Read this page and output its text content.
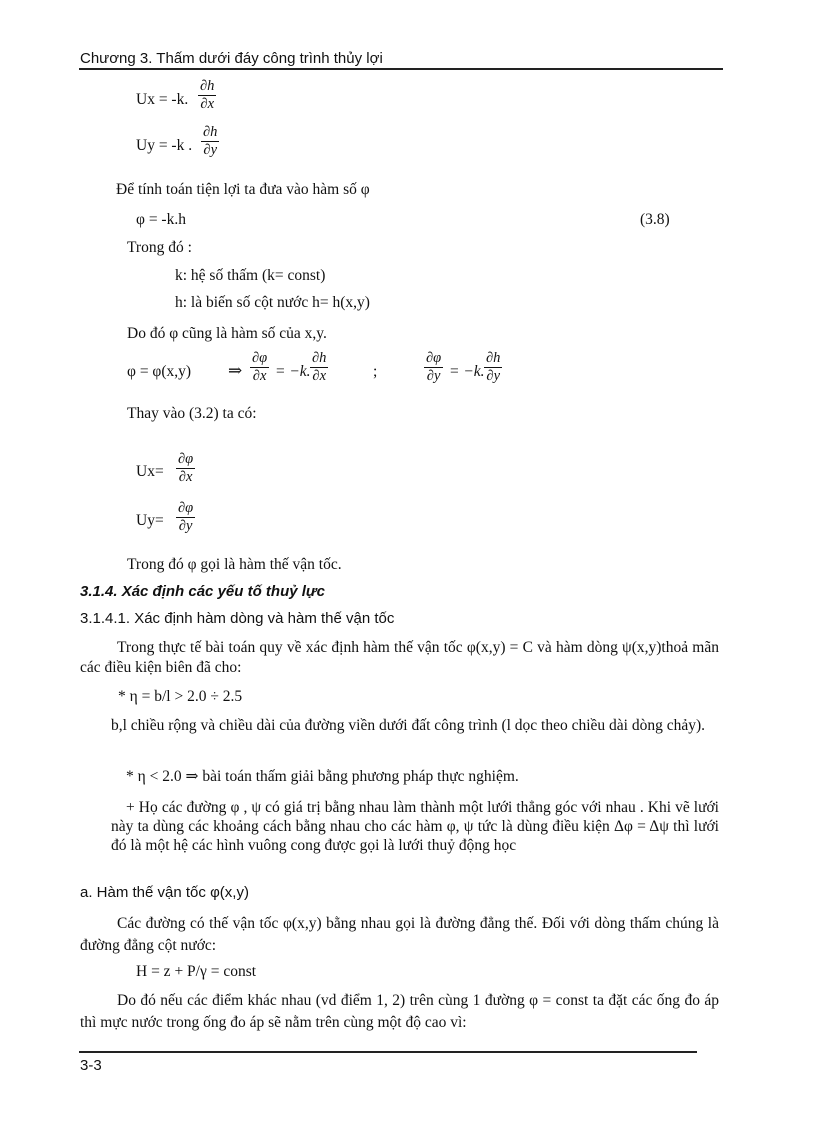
Chương 3. Thấm dưới đáy công trình thủy lợi
Ux = -k. $\frac{\partial h}{\partial x}$
Uy = -k . $\frac{\partial h}{\partial y}$
Để tính toán tiện lợi ta đưa vào hàm số φ
φ = -k.h	(3.8)
Trong đó :
k: hệ số thấm (k= const)
h: là biến số cột nước h= h(x,y)
Do đó φ cũng là hàm số của x,y.
φ = φ(x,y) ⇒ $\frac{\partial\varphi}{\partial x} = -k$. $\frac{\partial h}{\partial x}$	;	$\frac{\partial\varphi}{\partial y} = -k$. $\frac{\partial h}{\partial y}$
Thay vào (3.2) ta có:
$Ux= \frac{\partial\varphi}{\partial x}$
$Uy= \frac{\partial\varphi}{\partial y}$
Trong đó φ gọi là hàm thế vận tốc.
3.1.4. Xác định các yếu tố thuỷ lực
3.1.4.1. Xác định hàm dòng và hàm thế vận tốc
Trong thực tế bài toán quy về xác định hàm thế vận tốc φ(x,y) = C và hàm dòng ψ(x,y)thoả mãn các điều kiện biên đã cho:
* η = b/l > 2.0 ÷ 2.5
b,l chiều rộng và chiều dài của đường viền dưới đất công trình (l dọc theo chiều dài dòng chảy).
* η < 2.0 ⇒ bài toán thấm giải bằng phương pháp thực nghiệm.
+ Họ các đường φ , ψ có giá trị bằng nhau làm thành một lưới thẳng góc với nhau . Khi vẽ lưới này ta dùng các khoảng cách bằng nhau cho các hàm φ, ψ tức là dùng điều kiện Δφ = Δψ thì lưới đó là một hệ các hình vuông cong được gọi là lưới thuỷ động học
a. Hàm thế vận tốc φ(x,y)
Các đường có thế vận tốc φ(x,y) bằng nhau gọi là đường đẳng thế. Đối với dòng thấm chúng là đường đẳng cột nước:
H = z + P/γ = const
Do đó nếu các điểm khác nhau (vd điểm 1, 2) trên cùng 1 đường φ = const ta đặt các ống đo áp thì mực nước trong ống đo áp sẽ nằm trên cùng một độ cao vì:
3-3
